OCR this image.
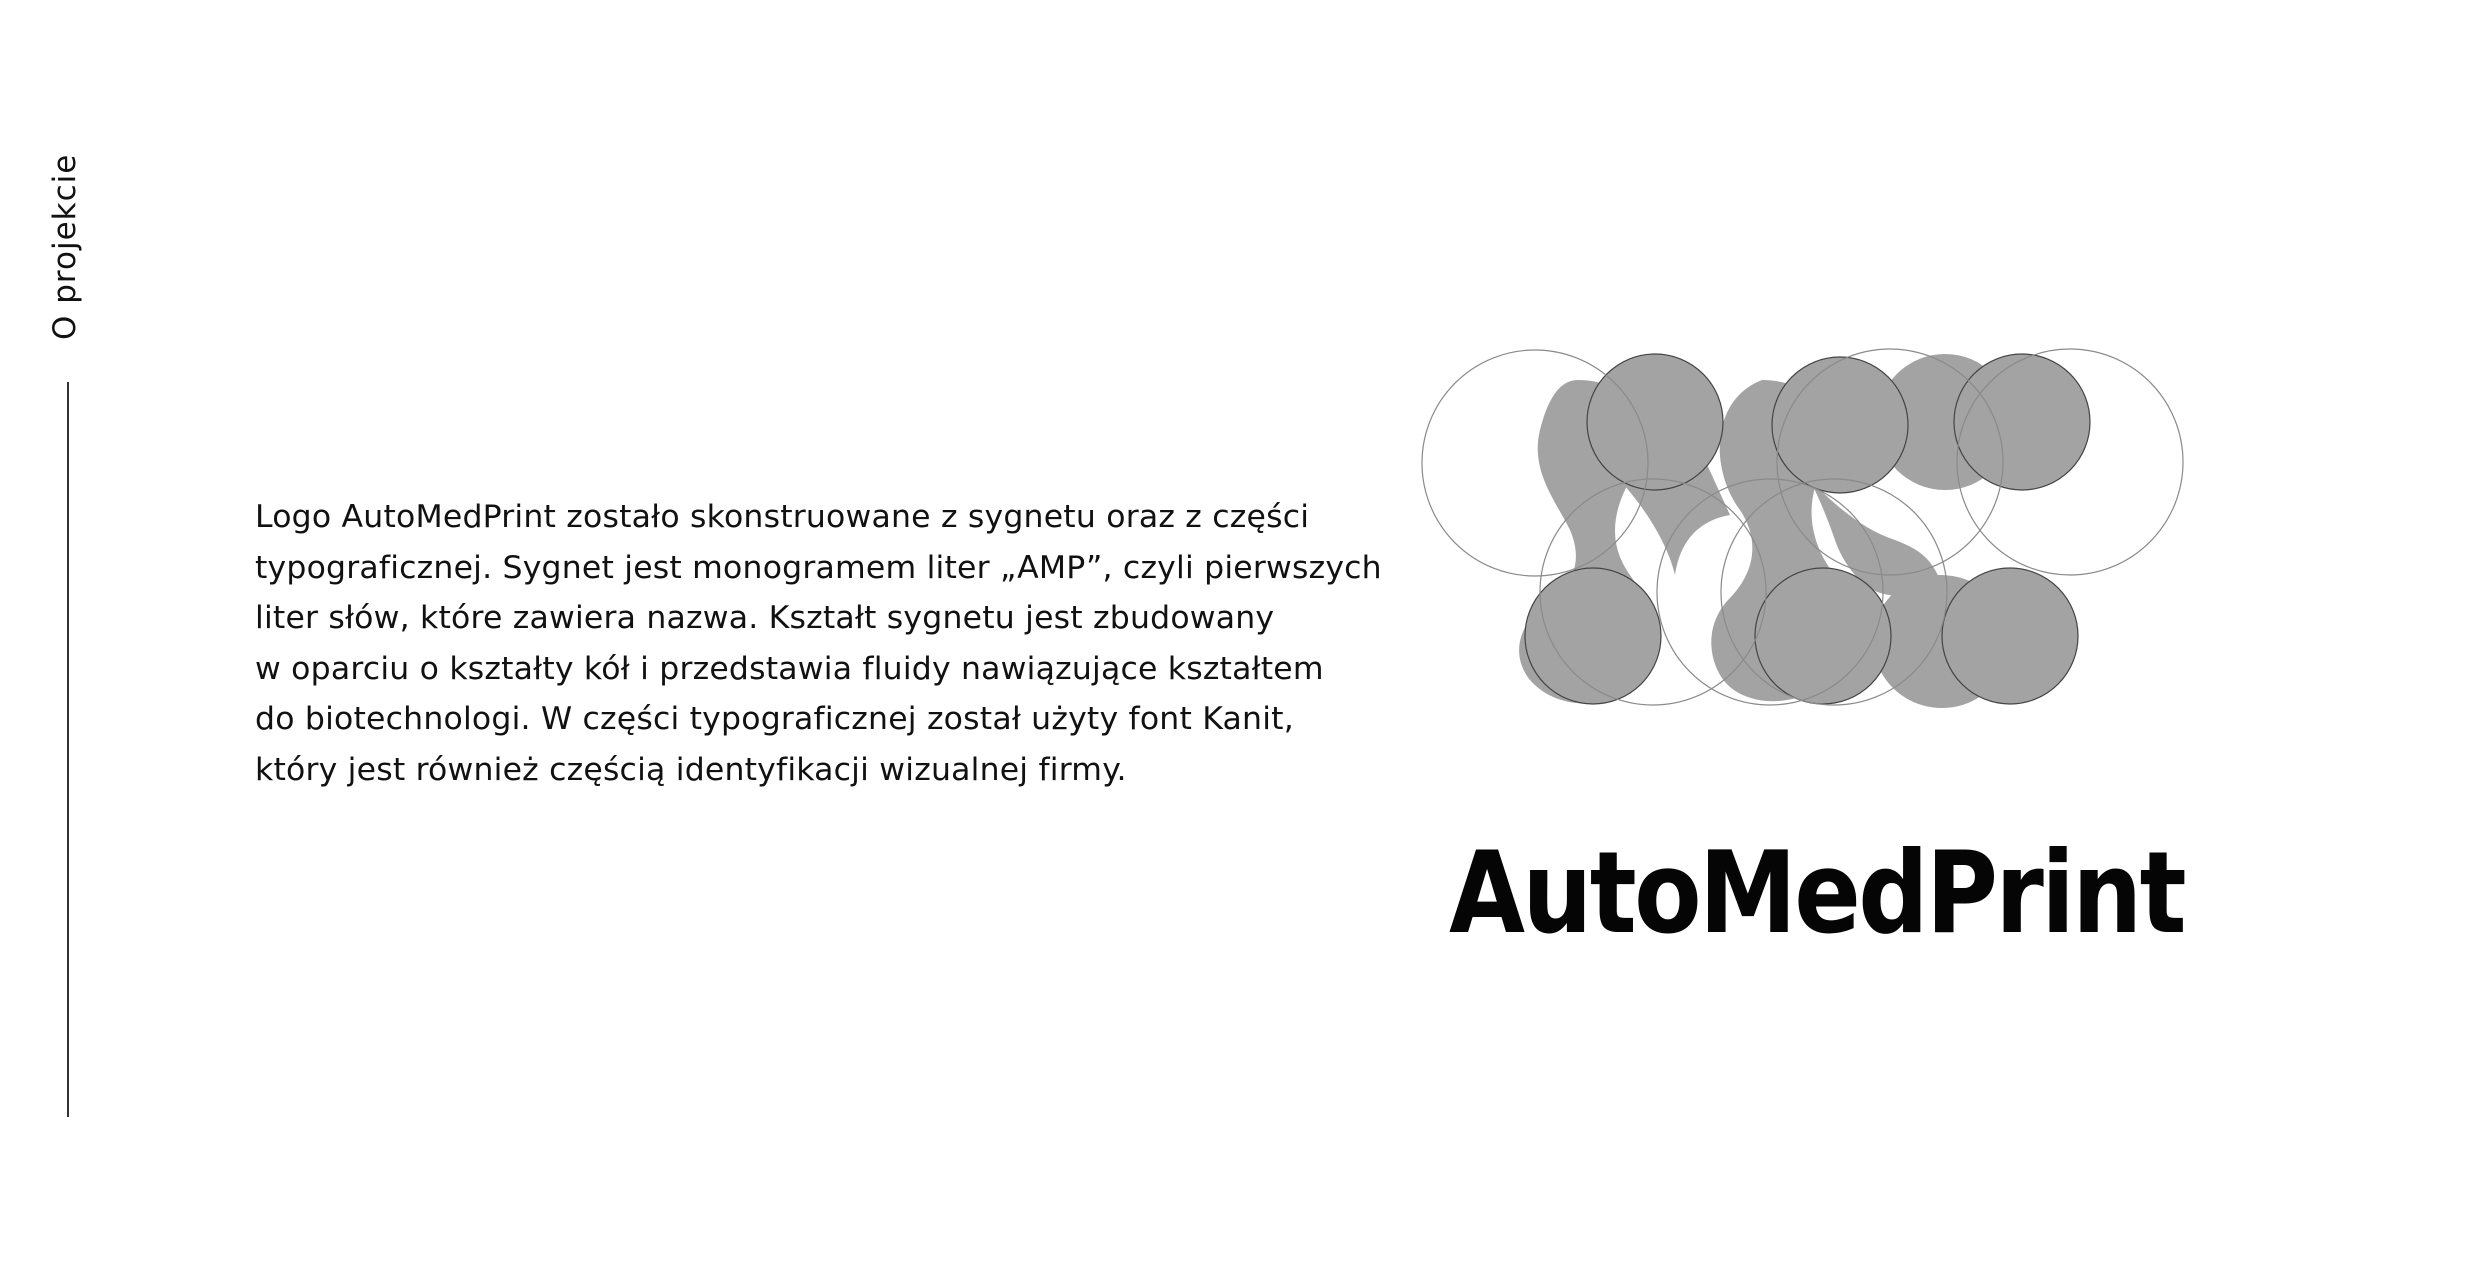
O projekcie

Logo AutoMedPrint zostało skonstruowane z sygnetu oraz z części
typograficznej. Sygnet jest monogramem liter „AMP”, czyli pierwszych
liter słów, które zawiera nazwa. Kształt sygnetu jest zbudowany
w oparciu o kształty kół i przedstawia fluidy nawiązujące kształtem
do biotechnologi. W części typograficznej został użyty font Kanit,
który jest również częścią identyfikacji wizualnej firmy.

AutoMedPrint
